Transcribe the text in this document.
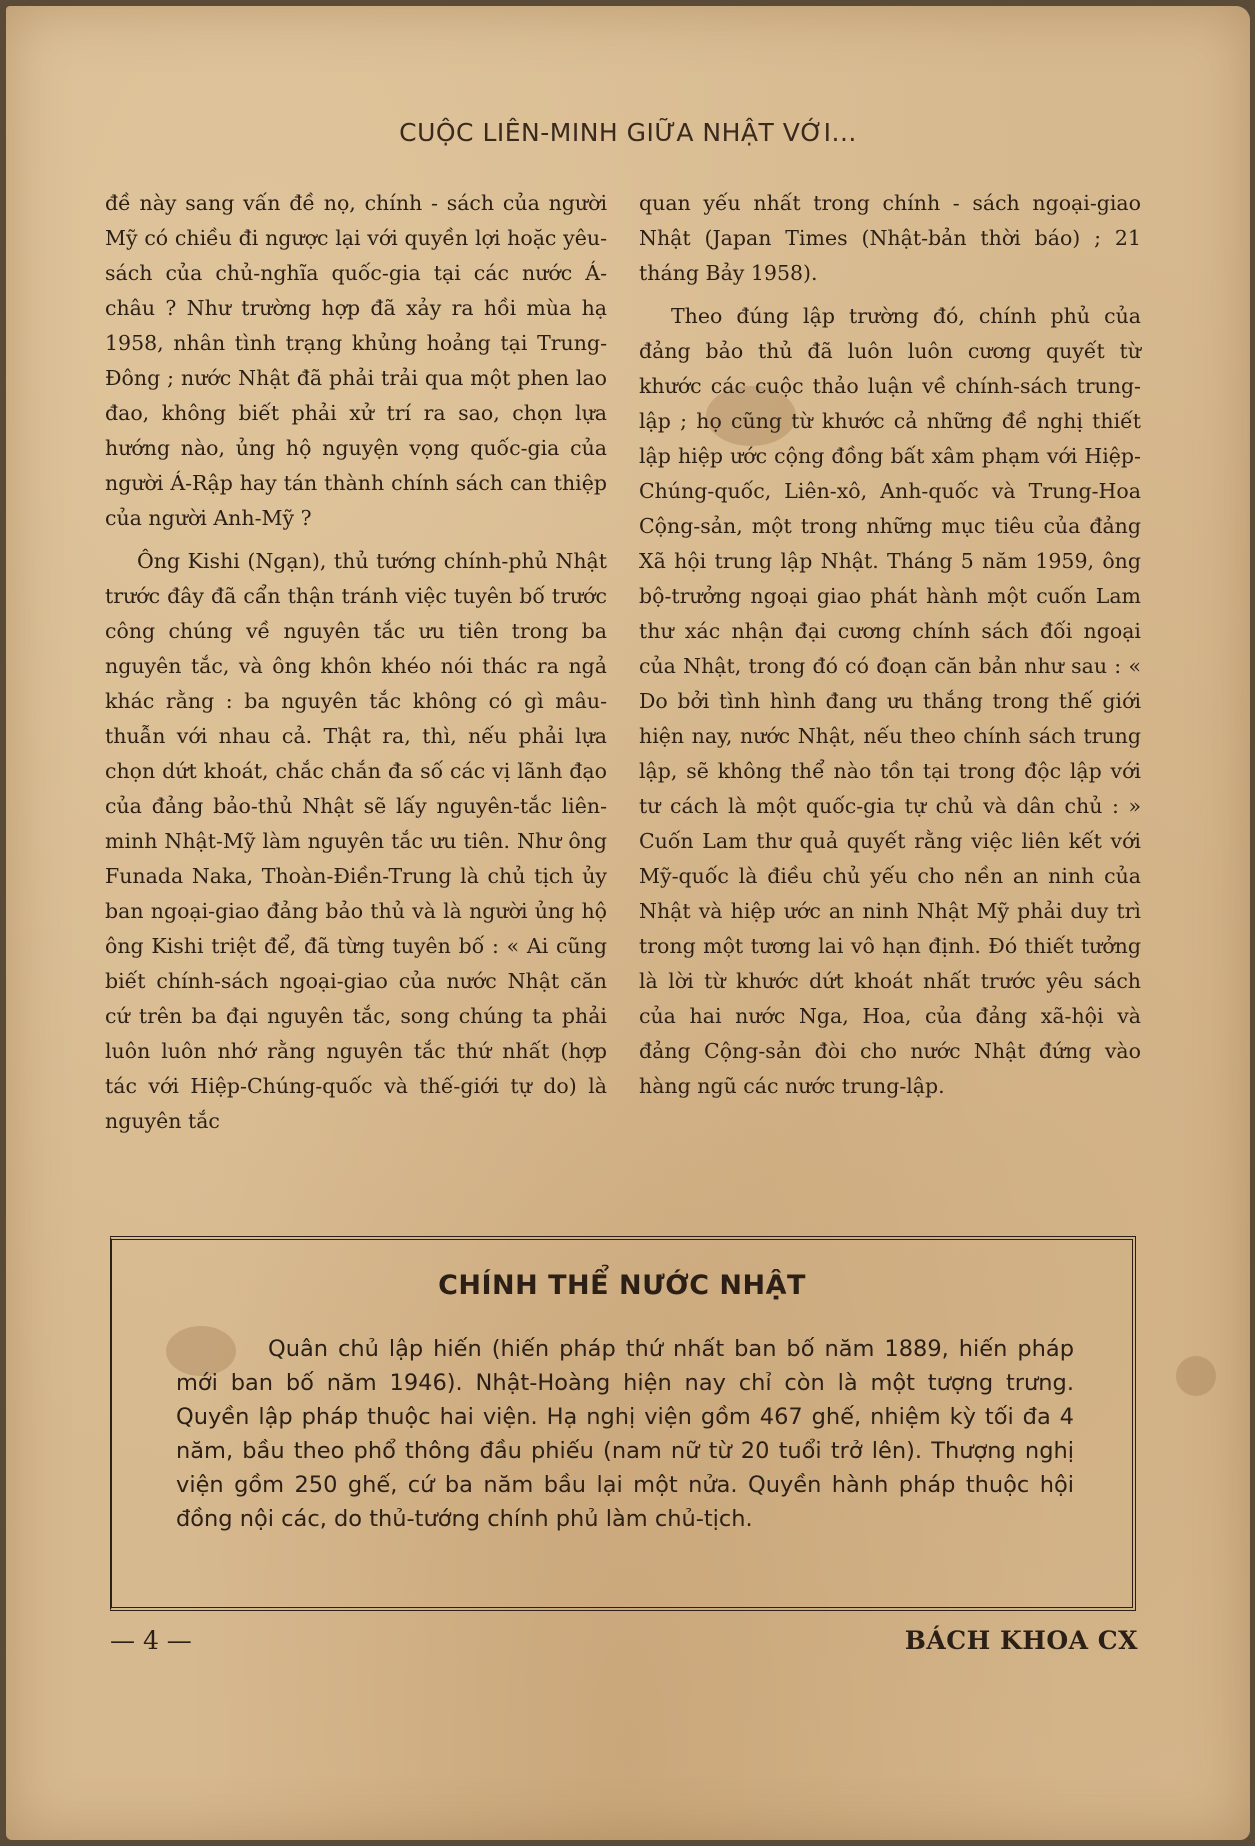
CUỘC LIÊN-MINH GIỮA NHẬT VỚI...

đề này sang vấn đề nọ, chính - sách của người Mỹ có chiều đi ngược lại với quyền lợi hoặc yêu-sách của chủ-nghĩa quốc-gia tại các nước Á-châu ? Như trường hợp đã xảy ra hồi mùa hạ 1958, nhân tình trạng khủng hoảng tại Trung-Đông ; nước Nhật đã phải trải qua một phen lao đao, không biết phải xử trí ra sao, chọn lựa hướng nào, ủng hộ nguyện vọng quốc-gia của người Á-Rập hay tán thành chính sách can thiệp của người Anh-Mỹ ?

Ông Kishi (Ngạn), thủ tướng chính-phủ Nhật trước đây đã cẩn thận tránh việc tuyên bố trước công chúng về nguyên tắc ưu tiên trong ba nguyên tắc, và ông khôn khéo nói thác ra ngả khác rằng : ba nguyên tắc không có gì mâu-thuẫn với nhau cả. Thật ra, thì, nếu phải lựa chọn dứt khoát, chắc chắn đa số các vị lãnh đạo của đảng bảo-thủ Nhật sẽ lấy nguyên-tắc liên-minh Nhật-Mỹ làm nguyên tắc ưu tiên. Như ông Funada Naka, Thoàn-Điền-Trung là chủ tịch ủy ban ngoại-giao đảng bảo thủ và là người ủng hộ ông Kishi triệt để, đã từng tuyên bố : « Ai cũng biết chính-sách ngoại-giao của nước Nhật căn cứ trên ba đại nguyên tắc, song chúng ta phải luôn luôn nhớ rằng nguyên tắc thứ nhất (hợp tác với Hiệp-Chúng-quốc và thế-giới tự do) là nguyên tắc

quan yếu nhất trong chính - sách ngoại-giao Nhật (Japan Times (Nhật-bản thời báo) ; 21 tháng Bảy 1958).

Theo đúng lập trường đó, chính phủ của đảng bảo thủ đã luôn luôn cương quyết từ khước các cuộc thảo luận về chính-sách trung-lập ; họ cũng từ khước cả những đề nghị thiết lập hiệp ước cộng đồng bất xâm phạm với Hiệp-Chúng-quốc, Liên-xô, Anh-quốc và Trung-Hoa Cộng-sản, một trong những mục tiêu của đảng Xã hội trung lập Nhật. Tháng 5 năm 1959, ông bộ-trưởng ngoại giao phát hành một cuốn Lam thư xác nhận đại cương chính sách đối ngoại của Nhật, trong đó có đoạn căn bản như sau : « Do bởi tình hình đang ưu thắng trong thế giới hiện nay, nước Nhật, nếu theo chính sách trung lập, sẽ không thể nào tồn tại trong độc lập với tư cách là một quốc-gia tự chủ và dân chủ : » Cuốn Lam thư quả quyết rằng việc liên kết với Mỹ-quốc là điều chủ yếu cho nền an ninh của Nhật và hiệp ước an ninh Nhật Mỹ phải duy trì trong một tương lai vô hạn định. Đó thiết tưởng là lời từ khước dứt khoát nhất trước yêu sách của hai nước Nga, Hoa, của đảng xã-hội và đảng Cộng-sản đòi cho nước Nhật đứng vào hàng ngũ các nước trung-lập.

CHÍNH THỂ NƯỚC NHẬT
Quân chủ lập hiến (hiến pháp thứ nhất ban bố năm 1889, hiến pháp mới ban bố năm 1946). Nhật-Hoàng hiện nay chỉ còn là một tượng trưng. Quyền lập pháp thuộc hai viện. Hạ nghị viện gồm 467 ghế, nhiệm kỳ tối đa 4 năm, bầu theo phổ thông đầu phiếu (nam nữ từ 20 tuổi trở lên). Thượng nghị viện gồm 250 ghế, cứ ba năm bầu lại một nửa. Quyền hành pháp thuộc hội đồng nội các, do thủ-tướng chính phủ làm chủ-tịch.
— 4 —	BÁCH KHOA CX
